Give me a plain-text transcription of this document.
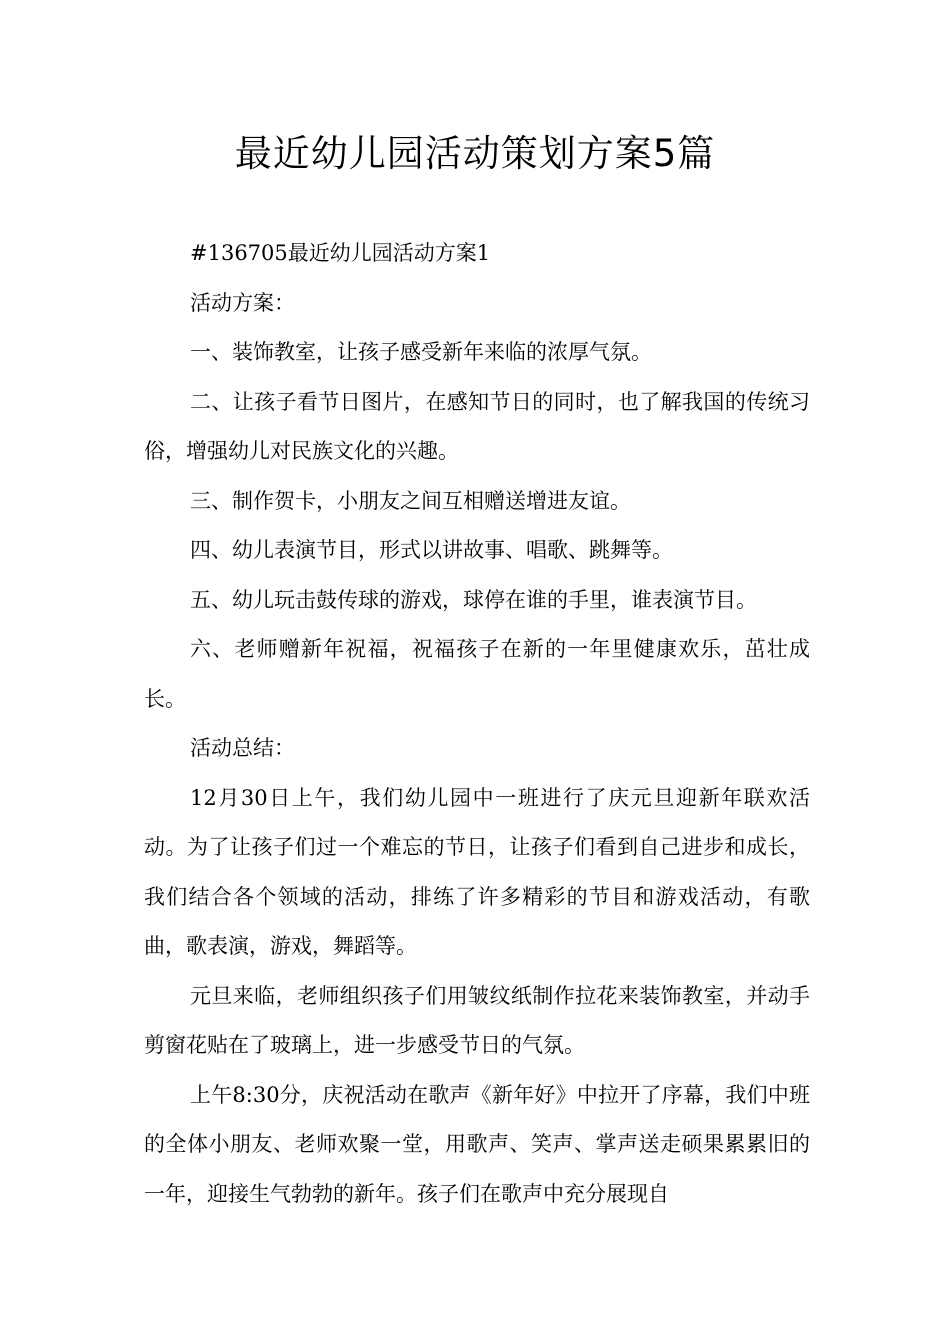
最近幼儿园活动策划方案5篇

#136705最近幼儿园活动方案1

活动方案：

一、装饰教室，让孩子感受新年来临的浓厚气氛。

二、让孩子看节日图片，在感知节日的同时，也了解我国的传统习俗，增强幼儿对民族文化的兴趣。

三、制作贺卡，小朋友之间互相赠送增进友谊。

四、幼儿表演节目，形式以讲故事、唱歌、跳舞等。

五、幼儿玩击鼓传球的游戏，球停在谁的手里，谁表演节目。

六、老师赠新年祝福，祝福孩子在新的一年里健康欢乐，茁壮成长。

活动总结：

12月30日上午，我们幼儿园中一班进行了庆元旦迎新年联欢活动。为了让孩子们过一个难忘的节日，让孩子们看到自己进步和成长，我们结合各个领域的活动，排练了许多精彩的节目和游戏活动，有歌曲，歌表演，游戏，舞蹈等。

元旦来临，老师组织孩子们用皱纹纸制作拉花来装饰教室，并动手剪窗花贴在了玻璃上，进一步感受节日的气氛。

上午8:30分，庆祝活动在歌声《新年好》中拉开了序幕，我们中班的全体小朋友、老师欢聚一堂，用歌声、笑声、掌声送走硕果累累旧的一年，迎接生气勃勃的新年。孩子们在歌声中充分展现自
